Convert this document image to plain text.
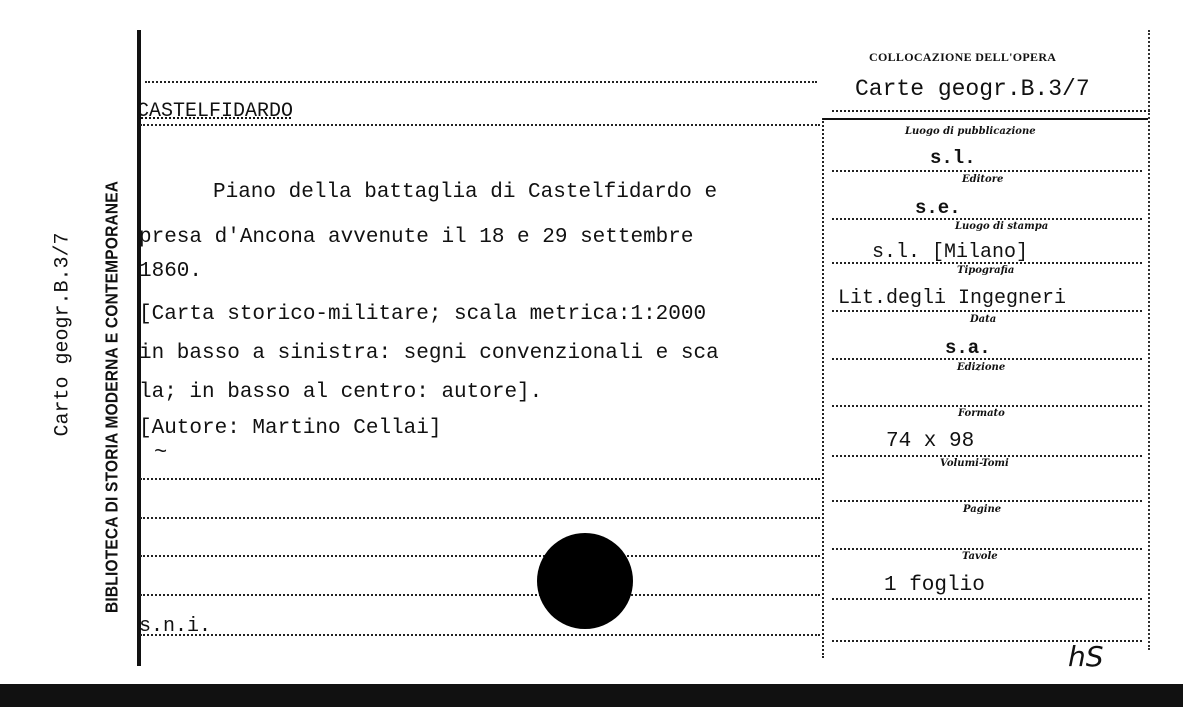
Carto geogr.B.3/7 BIBLIOTECA DI STORIA MODERNA E CONTEMPORANEA
CASTELFIDARDO
Piano della battaglia di Castelfidardo e
presa d'Ancona avvenute il 18 e 29 settembre
1860.
[Carta storico-militare; scala metrica:1:2000
in basso a sinistra: segni convenzionali e sca
la; in basso al centro: autore].
[Autore: Martino Cellai]
~
s.n.i.
COLLOCAZIONE DELL'OPERA
Carte geogr.B.3/7
Luogo di pubblicazione
s.l.
Editore
s.e.
Luogo di stampa
s.l. [Milano]
Tipografia
Lit.degli Ingegneri
Data
s.a.
Edizione
Formato
74 x 98
Volumi-Tomi
Pagine
Tavole
1 foglio
hS
